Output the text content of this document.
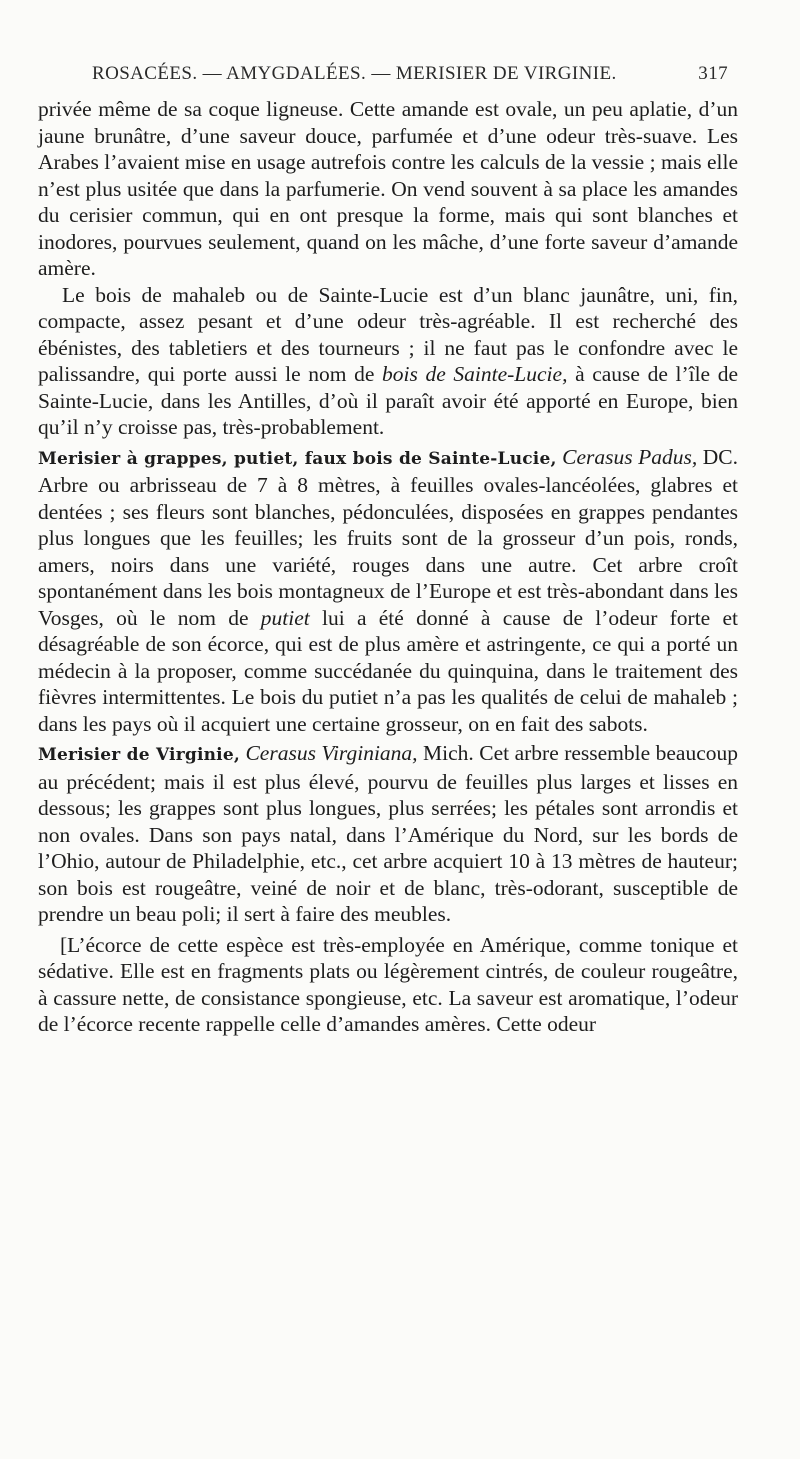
ROSACÉES. — AMYGDALÉES. — MERISIER DE VIRGINIE.	317

privée même de sa coque ligneuse. Cette amande est ovale, un peu aplatie, d’un jaune brunâtre, d’une saveur douce, parfumée et d’une odeur très-suave. Les Arabes l’avaient mise en usage autrefois contre les calculs de la vessie ; mais elle n’est plus usitée que dans la parfumerie. On vend souvent à sa place les amandes du cerisier commun, qui en ont presque la forme, mais qui sont blanches et inodores, pourvues seulement, quand on les mâche, d’une forte saveur d’amande amère.

Le bois de mahaleb ou de Sainte-Lucie est d’un blanc jaunâtre, uni, fin, compacte, assez pesant et d’une odeur très-agréable. Il est recherché des ébénistes, des tabletiers et des tourneurs ; il ne faut pas le confondre avec le palissandre, qui porte aussi le nom de bois de Sainte-Lucie, à cause de l’île de Sainte-Lucie, dans les Antilles, d’où il paraît avoir été apporté en Europe, bien qu’il n’y croisse pas, très-probablement.

Merisier à grappes, putiet, faux bois de Sainte-Lucie, Cerasus Padus, DC. Arbre ou arbrisseau de 7 à 8 mètres, à feuilles ovales-lancéolées, glabres et dentées ; ses fleurs sont blanches, pédonculées, disposées en grappes pendantes plus longues que les feuilles; les fruits sont de la grosseur d’un pois, ronds, amers, noirs dans une variété, rouges dans une autre. Cet arbre croît spontanément dans les bois montagneux de l’Europe et est très-abondant dans les Vosges, où le nom de putiet lui a été donné à cause de l’odeur forte et désagréable de son écorce, qui est de plus amère et astringente, ce qui a porté un médecin à la proposer, comme succédanée du quinquina, dans le traitement des fièvres intermittentes. Le bois du putiet n’a pas les qualités de celui de mahaleb ; dans les pays où il acquiert une certaine grosseur, on en fait des sabots.

Merisier de Virginie, Cerasus Virginiana, Mich. Cet arbre ressemble beaucoup au précédent; mais il est plus élevé, pourvu de feuilles plus larges et lisses en dessous; les grappes sont plus longues, plus serrées; les pétales sont arrondis et non ovales. Dans son pays natal, dans l’Amérique du Nord, sur les bords de l’Ohio, autour de Philadelphie, etc., cet arbre acquiert 10 à 13 mètres de hauteur; son bois est rougeâtre, veiné de noir et de blanc, très-odorant, susceptible de prendre un beau poli; il sert à faire des meubles.

[L’écorce de cette espèce est très-employée en Amérique, comme tonique et sédative. Elle est en fragments plats ou légèrement cintrés, de couleur rougeâtre, à cassure nette, de consistance spongieuse, etc. La saveur est aromatique, l’odeur de l’écorce recente rappelle celle d’amandes amères. Cette odeur
